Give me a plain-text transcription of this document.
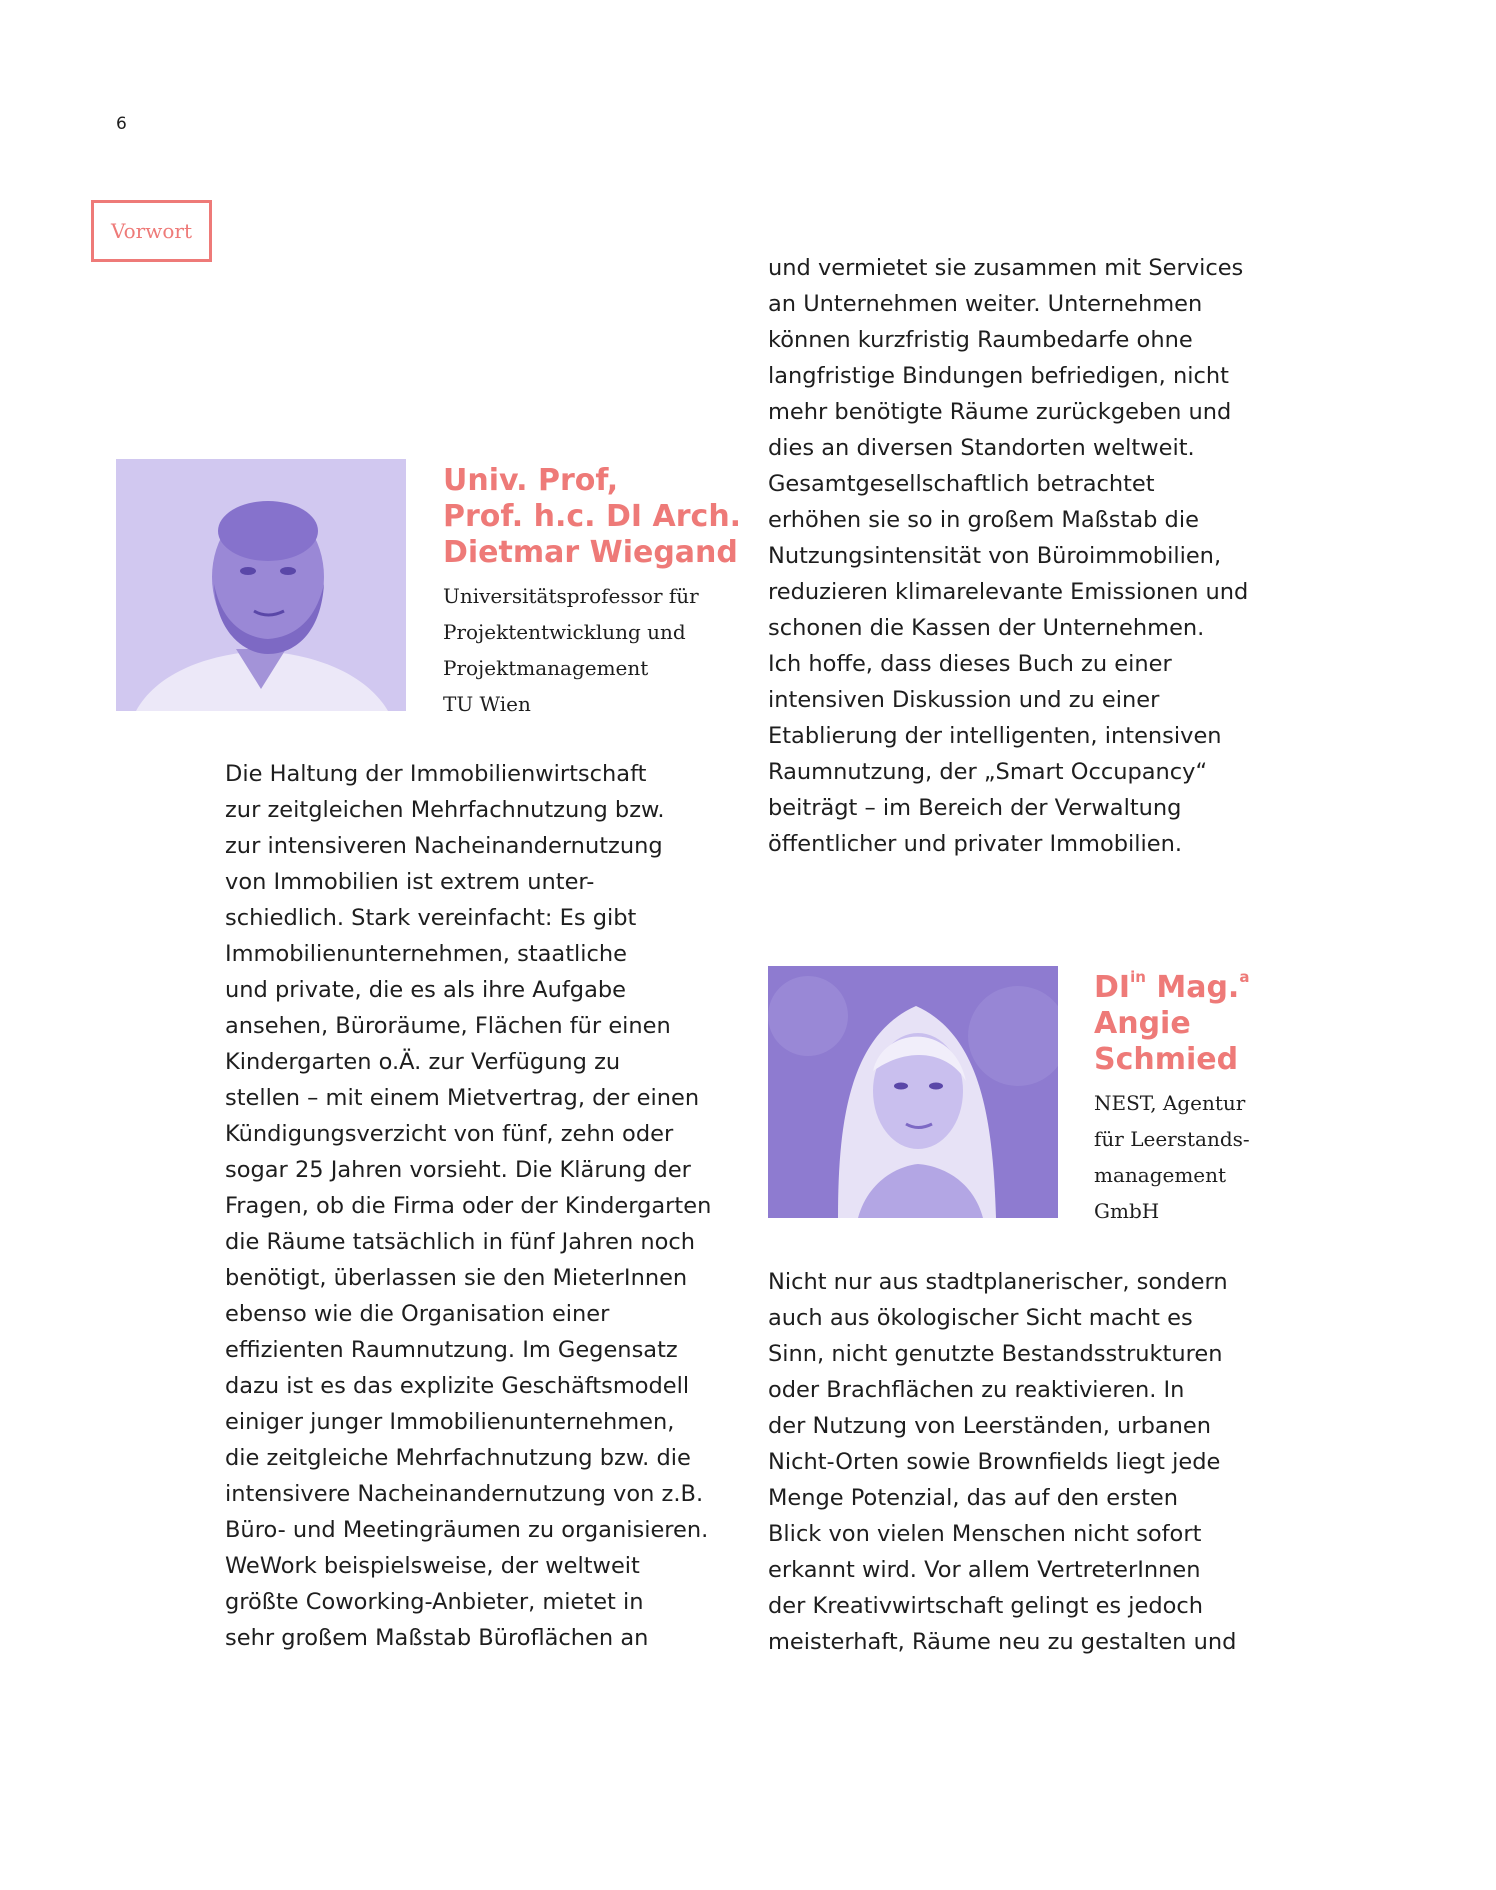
6
Vorwort
Univ. Prof,
Prof. h.c. DI Arch.
Dietmar Wiegand
Universitätsprofessor für
Projektentwicklung und
Projektmanagement
TU Wien

Die Haltung der Immobilienwirtschaft
zur zeitgleichen Mehrfachnutzung bzw.
zur intensiveren Nacheinandernutzung
von Immobilien ist extrem unter-
schiedlich. Stark vereinfacht: Es gibt
Immobilienunternehmen, staatliche
und private, die es als ihre Aufgabe
ansehen, Büroräume, Flächen für einen
Kindergarten o.Ä. zur Verfügung zu
stellen – mit einem Mietvertrag, der einen
Kündigungsverzicht von fünf, zehn oder
sogar 25 Jahren vorsieht. Die Klärung der
Fragen, ob die Firma oder der Kindergarten
die Räume tatsächlich in fünf Jahren noch
benötigt, überlassen sie den MieterInnen
ebenso wie die Organisation einer
effizienten Raumnutzung. Im Gegensatz
dazu ist es das explizite Geschäftsmodell
einiger junger Immobilienunternehmen,
die zeitgleiche Mehrfachnutzung bzw. die
intensivere Nacheinandernutzung von z.B.
Büro- und Meetingräumen zu organisieren.
WeWork beispielsweise, der weltweit
größte Coworking-Anbieter, mietet in
sehr großem Maßstab Büroflächen an

und vermietet sie zusammen mit Services
an Unternehmen weiter. Unternehmen
können kurzfristig Raumbedarfe ohne
langfristige Bindungen befriedigen, nicht
mehr benötigte Räume zurückgeben und
dies an diversen Standorten weltweit.
Gesamtgesellschaftlich betrachtet
erhöhen sie so in großem Maßstab die
Nutzungsintensität von Büroimmobilien,
reduzieren klimarelevante Emissionen und
schonen die Kassen der Unternehmen.
Ich hoffe, dass dieses Buch zu einer
intensiven Diskussion und zu einer
Etablierung der intelligenten, intensiven
Raumnutzung, der „Smart Occupancy“
beiträgt – im Bereich der Verwaltung
öffentlicher und privater Immobilien.

$DI^{in}$ Mag.$^a$
Angie
Schmied
NEST, Agentur
für Leerstands-
management
GmbH

Nicht nur aus stadtplanerischer, sondern
auch aus ökologischer Sicht macht es
Sinn, nicht genutzte Bestandsstrukturen
oder Brachflächen zu reaktivieren. In
der Nutzung von Leerständen, urbanen
Nicht-Orten sowie Brownfields liegt jede
Menge Potenzial, das auf den ersten
Blick von vielen Menschen nicht sofort
erkannt wird. Vor allem VertreterInnen
der Kreativwirtschaft gelingt es jedoch
meisterhaft, Räume neu zu gestalten und
